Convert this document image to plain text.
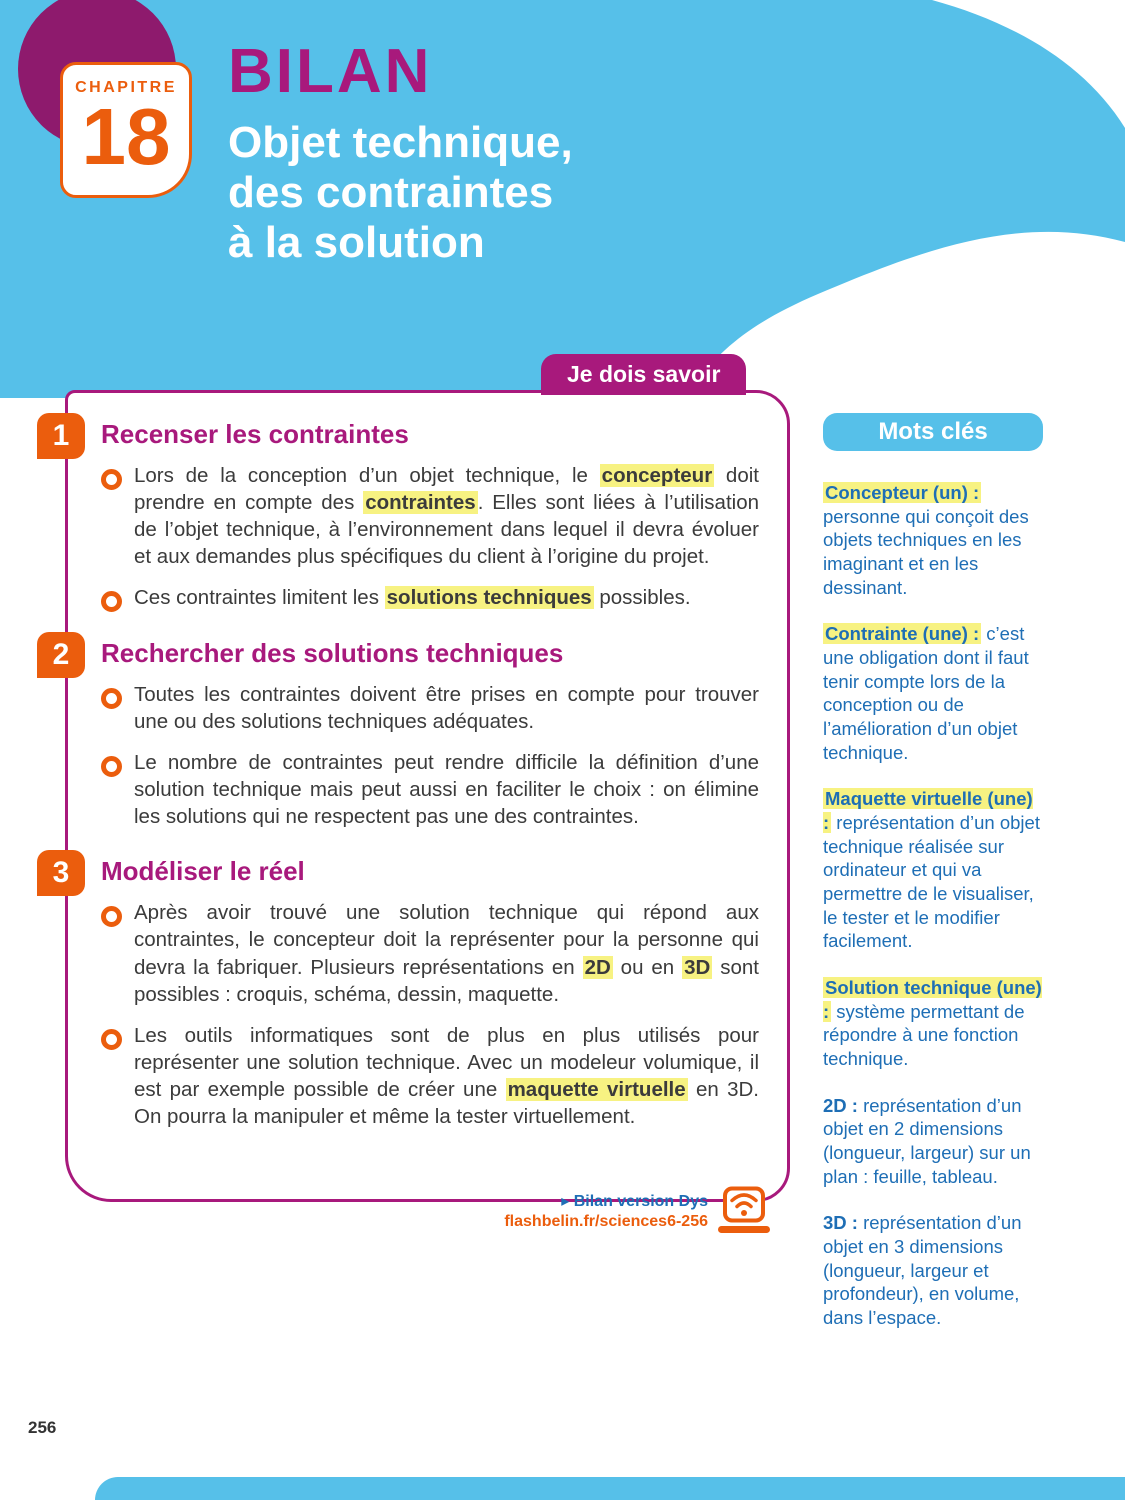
CHAPITRE
18
BILAN
Objet technique,
des contraintes
à la solution
Je dois savoir
1	Recenser les contraintes

Lors de la conception d’un objet technique, le concepteur doit prendre en compte des contraintes. Elles sont liées à l’utilisation de l’objet technique, à l’environnement dans lequel il devra évoluer et aux demandes plus spécifiques du client à l’origine du projet.

Ces contraintes limitent les solutions techniques possibles.

2	Rechercher des solutions techniques

Toutes les contraintes doivent être prises en compte pour trouver une ou des solutions techniques adéquates.

Le nombre de contraintes peut rendre difficile la définition d’une solution technique mais peut aussi en faciliter le choix : on élimine les solutions qui ne respectent pas une des contraintes.

3	Modéliser le réel

Après avoir trouvé une solution technique qui répond aux contraintes, le concepteur doit la représenter pour la personne qui devra la fabriquer. Plusieurs représentations en 2D ou en 3D sont possibles : croquis, schéma, dessin, maquette.

Les outils informatiques sont de plus en plus utilisés pour représenter une solution technique. Avec un modeleur volumique, il est par exemple possible de créer une maquette virtuelle en 3D. On pourra la manipuler et même la tester virtuellement.

▸ Bilan version Dys
flashbelin.fr/sciences6-256
Mots clés

Concepteur (un) : personne qui conçoit des objets techniques en les imaginant et en les dessinant.

Contrainte (une) : c’est une obligation dont il faut tenir compte lors de la conception ou de l’amélioration d’un objet technique.

Maquette virtuelle (une) : représentation d’un objet technique réalisée sur ordinateur et qui va permettre de le visualiser, le tester et le modifier facilement.

Solution technique (une) : système permettant de répondre à une fonction technique.

2D : représentation d’un objet en 2 dimensions (longueur, largeur) sur un plan : feuille, tableau.

3D : représentation d’un objet en 3 dimensions (longueur, largeur et profondeur), en volume, dans l’espace.

256
